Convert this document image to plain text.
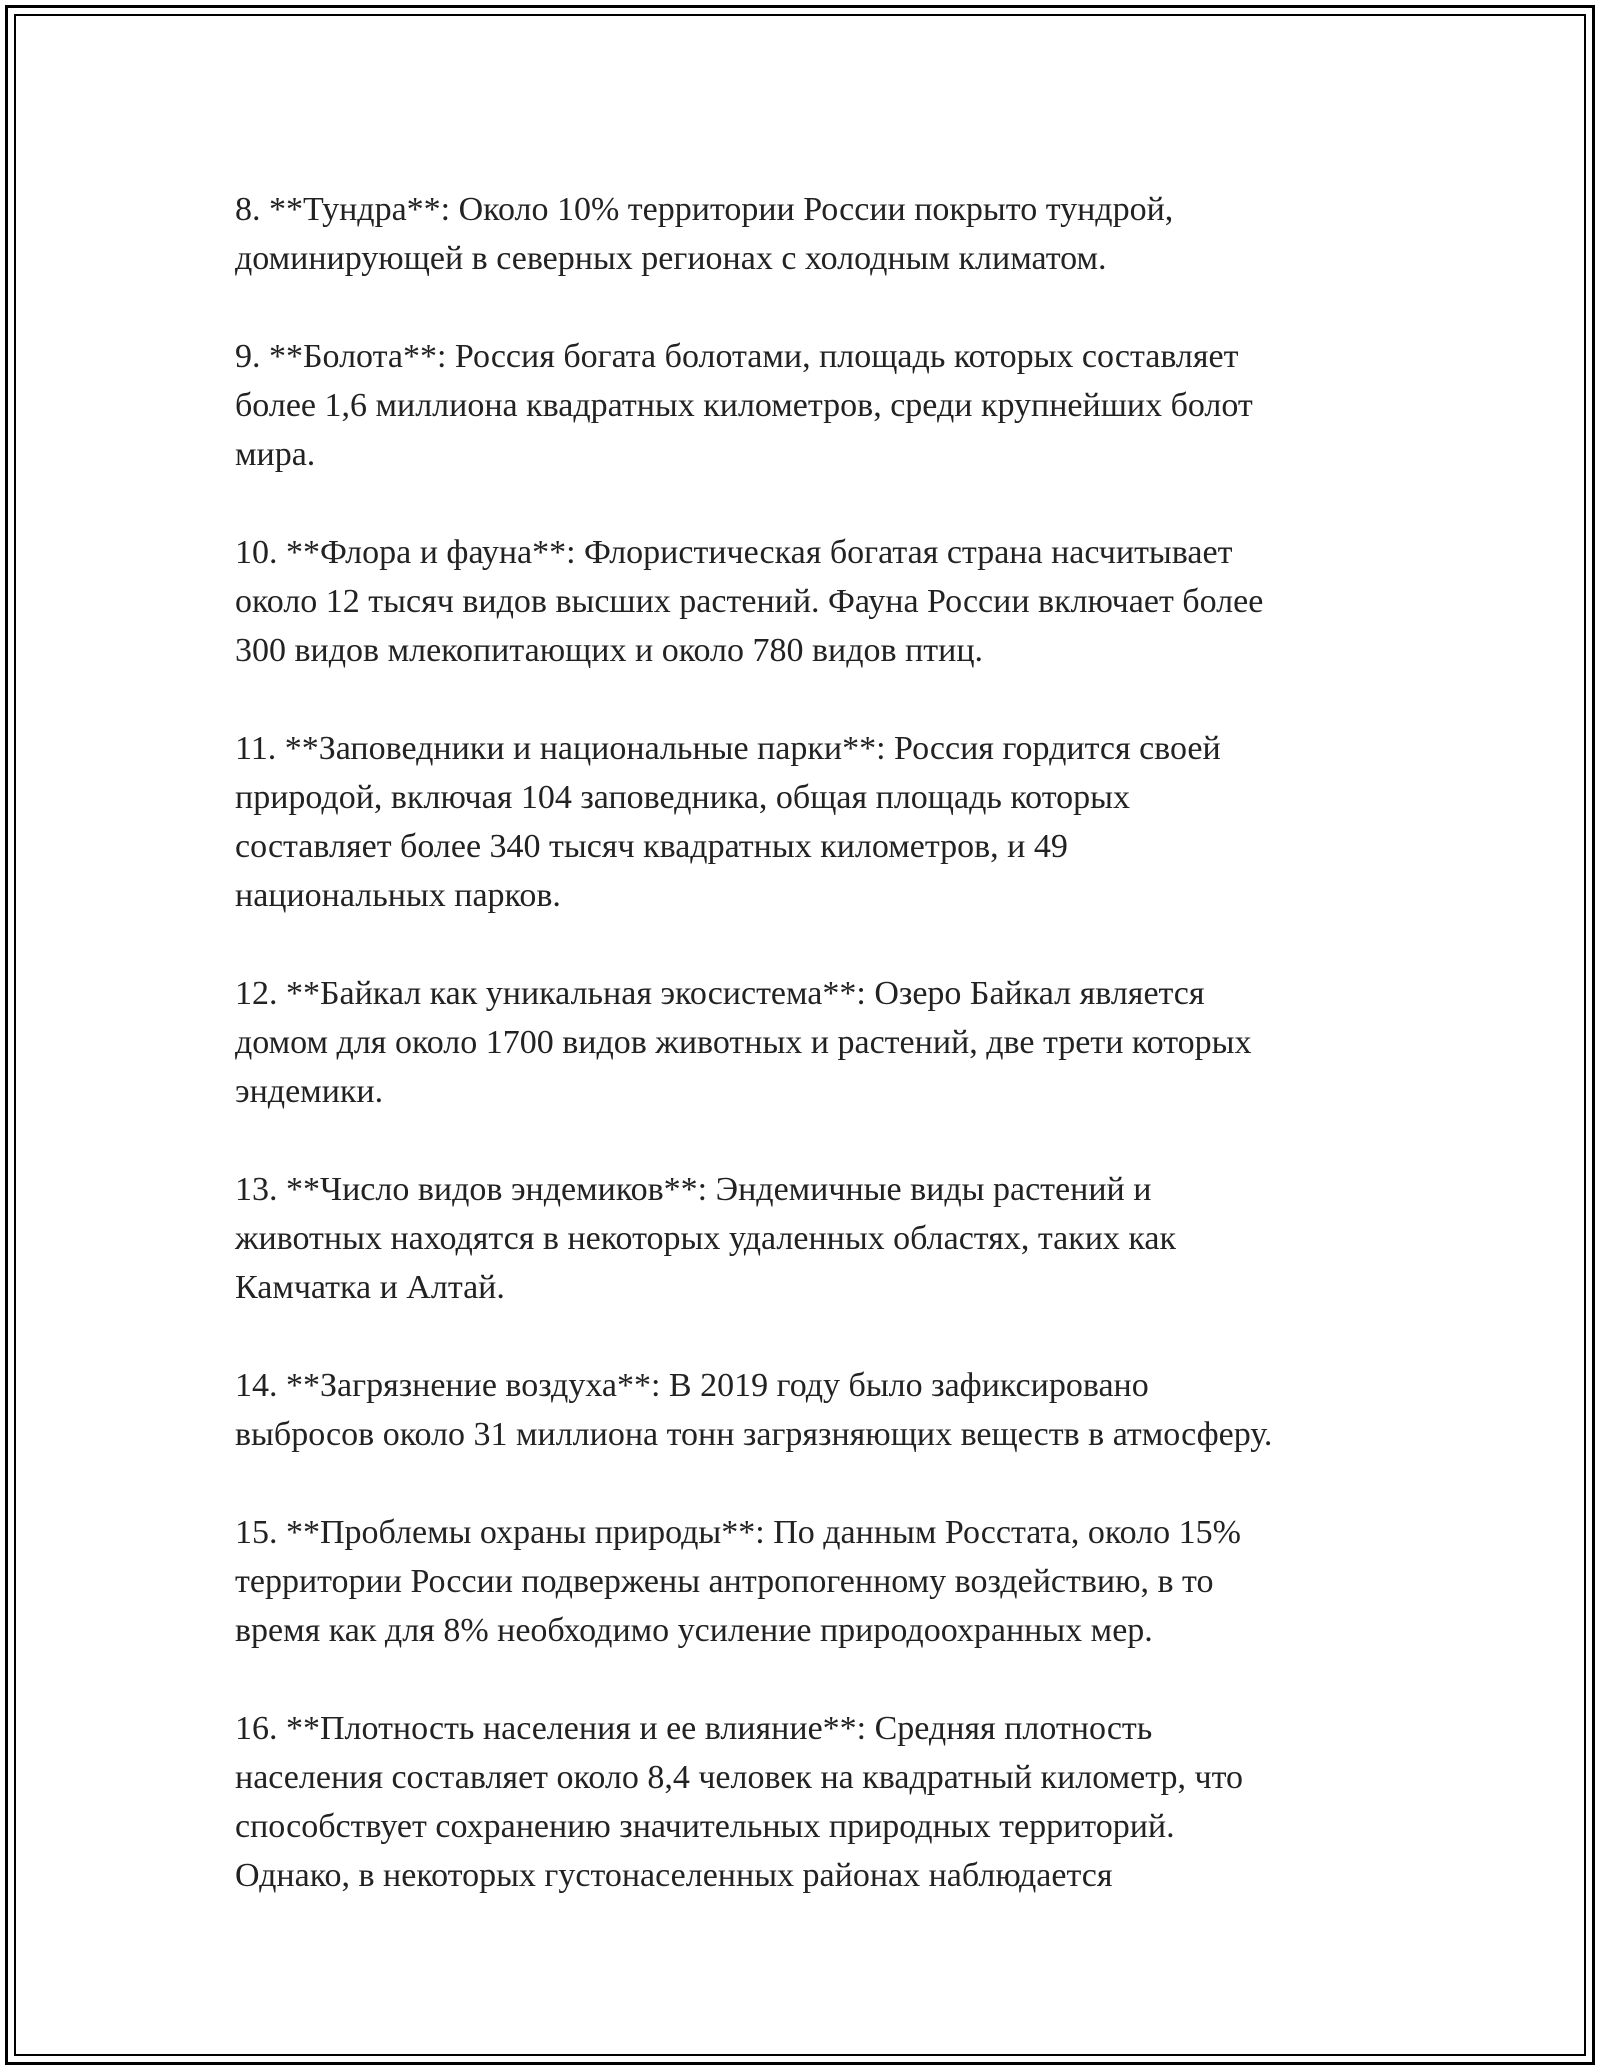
8. **Тундра**: Около 10% территории России покрыто тундрой,
доминирующей в северных регионах с холодным климатом.

9. **Болота**: Россия богата болотами, площадь которых составляет
более 1,6 миллиона квадратных километров, среди крупнейших болот
мира.

10. **Флора и фауна**: Флористическая богатая страна насчитывает
около 12 тысяч видов высших растений. Фауна России включает более
300 видов млекопитающих и около 780 видов птиц.

11. **Заповедники и национальные парки**: Россия гордится своей
природой, включая 104 заповедника, общая площадь которых
составляет более 340 тысяч квадратных километров, и 49
национальных парков.

12. **Байкал как уникальная экосистема**: Озеро Байкал является
домом для около 1700 видов животных и растений, две трети которых
эндемики.

13. **Число видов эндемиков**: Эндемичные виды растений и
животных находятся в некоторых удаленных областях, таких как
Камчатка и Алтай.

14. **Загрязнение воздуха**: В 2019 году было зафиксировано
выбросов около 31 миллиона тонн загрязняющих веществ в атмосферу.

15. **Проблемы охраны природы**: По данным Росстата, около 15%
территории России подвержены антропогенному воздействию, в то
время как для 8% необходимо усиление природоохранных мер.

16. **Плотность населения и ее влияние**: Средняя плотность
населения составляет около 8,4 человек на квадратный километр, что
способствует сохранению значительных природных территорий.
Однако, в некоторых густонаселенных районах наблюдается
